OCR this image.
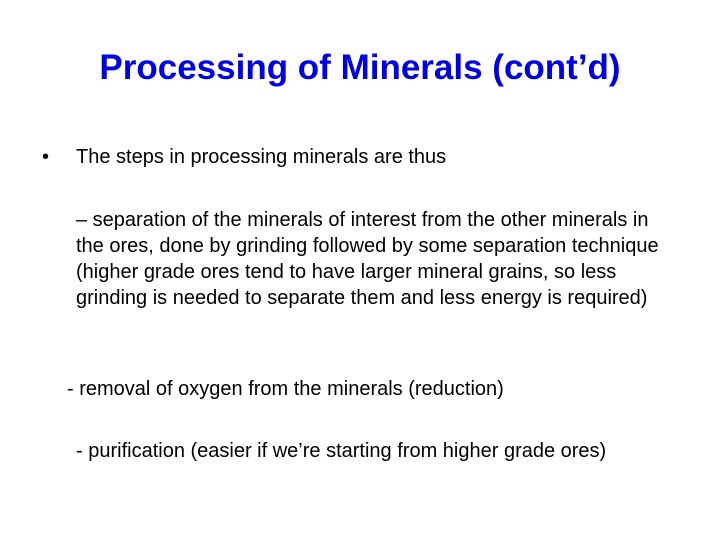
Processing of Minerals (cont’d)
• The steps in processing minerals are thus

– separation of the minerals of interest from the other minerals in the ores, done by grinding followed by some separation technique (higher grade ores tend to have larger mineral grains, so less grinding is needed to separate them and less energy is required)

- removal of oxygen from the minerals (reduction)

- purification (easier if we’re starting from higher grade ores)
